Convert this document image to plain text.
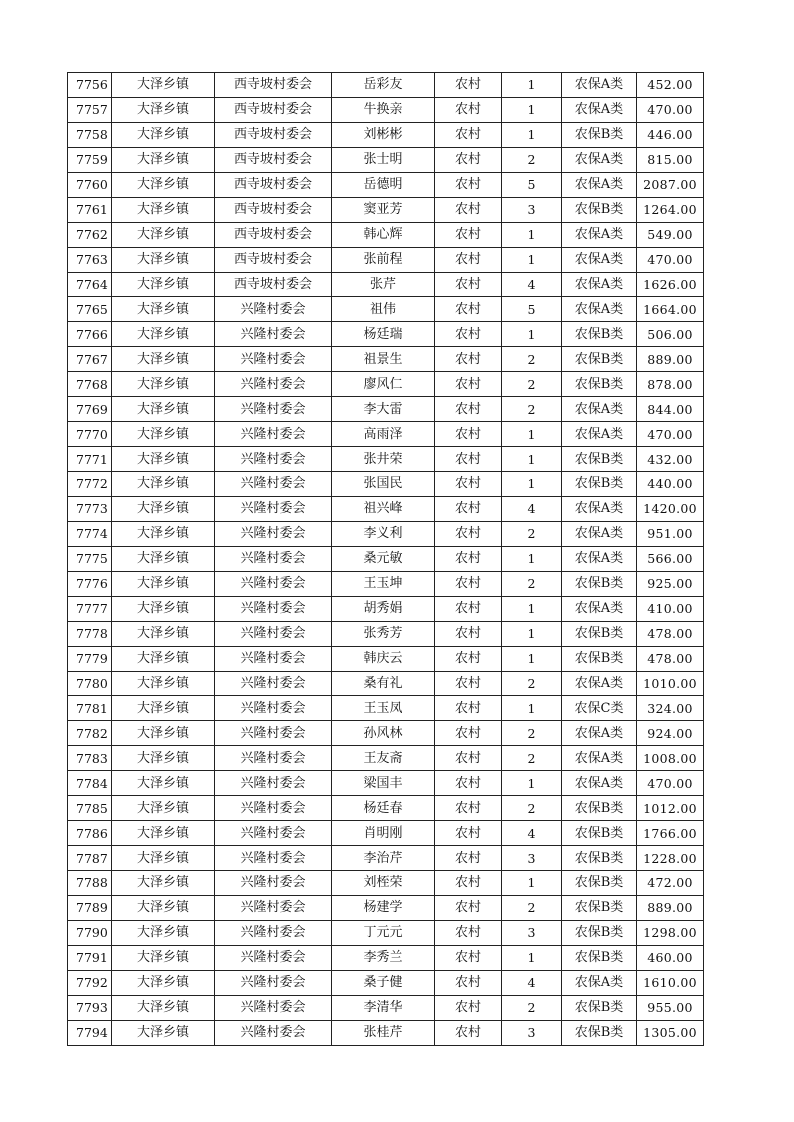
7756	大泽乡镇	西寺坡村委会	岳彩友	农村	1	农保A类	452.00
7757	大泽乡镇	西寺坡村委会	牛换亲	农村	1	农保A类	470.00
7758	大泽乡镇	西寺坡村委会	刘彬彬	农村	1	农保B类	446.00
7759	大泽乡镇	西寺坡村委会	张士明	农村	2	农保A类	815.00
7760	大泽乡镇	西寺坡村委会	岳德明	农村	5	农保A类	2087.00
7761	大泽乡镇	西寺坡村委会	窦亚芳	农村	3	农保B类	1264.00
7762	大泽乡镇	西寺坡村委会	韩心辉	农村	1	农保A类	549.00
7763	大泽乡镇	西寺坡村委会	张前程	农村	1	农保A类	470.00
7764	大泽乡镇	西寺坡村委会	张芹	农村	4	农保A类	1626.00
7765	大泽乡镇	兴隆村委会	祖伟	农村	5	农保A类	1664.00
7766	大泽乡镇	兴隆村委会	杨廷瑞	农村	1	农保B类	506.00
7767	大泽乡镇	兴隆村委会	祖景生	农村	2	农保B类	889.00
7768	大泽乡镇	兴隆村委会	廖风仁	农村	2	农保B类	878.00
7769	大泽乡镇	兴隆村委会	李大雷	农村	2	农保A类	844.00
7770	大泽乡镇	兴隆村委会	高雨泽	农村	1	农保A类	470.00
7771	大泽乡镇	兴隆村委会	张井荣	农村	1	农保B类	432.00
7772	大泽乡镇	兴隆村委会	张国民	农村	1	农保B类	440.00
7773	大泽乡镇	兴隆村委会	祖兴峰	农村	4	农保A类	1420.00
7774	大泽乡镇	兴隆村委会	李义利	农村	2	农保A类	951.00
7775	大泽乡镇	兴隆村委会	桑元敏	农村	1	农保A类	566.00
7776	大泽乡镇	兴隆村委会	王玉坤	农村	2	农保B类	925.00
7777	大泽乡镇	兴隆村委会	胡秀娟	农村	1	农保A类	410.00
7778	大泽乡镇	兴隆村委会	张秀芳	农村	1	农保B类	478.00
7779	大泽乡镇	兴隆村委会	韩庆云	农村	1	农保B类	478.00
7780	大泽乡镇	兴隆村委会	桑有礼	农村	2	农保A类	1010.00
7781	大泽乡镇	兴隆村委会	王玉凤	农村	1	农保C类	324.00
7782	大泽乡镇	兴隆村委会	孙风林	农村	2	农保A类	924.00
7783	大泽乡镇	兴隆村委会	王友斋	农村	2	农保A类	1008.00
7784	大泽乡镇	兴隆村委会	梁国丰	农村	1	农保A类	470.00
7785	大泽乡镇	兴隆村委会	杨廷春	农村	2	农保B类	1012.00
7786	大泽乡镇	兴隆村委会	肖明刚	农村	4	农保B类	1766.00
7787	大泽乡镇	兴隆村委会	李治芹	农村	3	农保B类	1228.00
7788	大泽乡镇	兴隆村委会	刘桎荣	农村	1	农保B类	472.00
7789	大泽乡镇	兴隆村委会	杨建学	农村	2	农保B类	889.00
7790	大泽乡镇	兴隆村委会	丁元元	农村	3	农保B类	1298.00
7791	大泽乡镇	兴隆村委会	李秀兰	农村	1	农保B类	460.00
7792	大泽乡镇	兴隆村委会	桑子健	农村	4	农保A类	1610.00
7793	大泽乡镇	兴隆村委会	李清华	农村	2	农保B类	955.00
7794	大泽乡镇	兴隆村委会	张桂芹	农村	3	农保B类	1305.00
